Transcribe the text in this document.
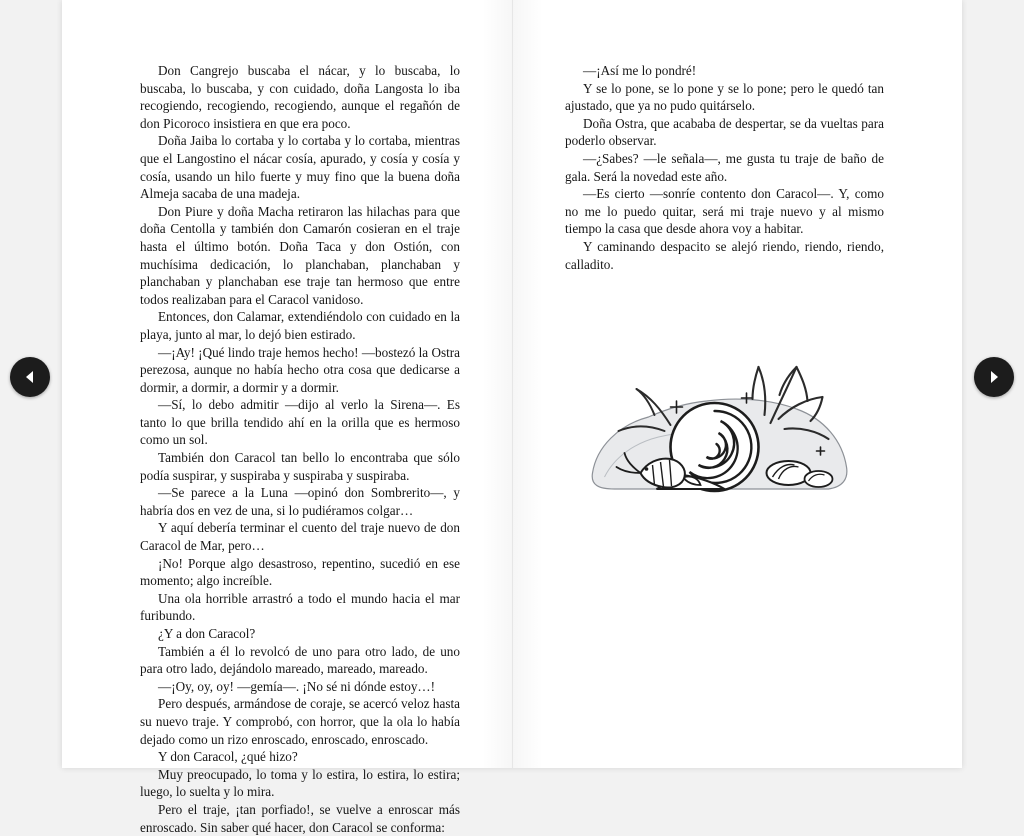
Don Cangrejo buscaba el nácar, y lo buscaba, lo buscaba, lo buscaba, y con cuidado, doña Langosta lo iba recogiendo, recogiendo, recogiendo, aunque el regañón de don Picoroco insistiera en que era poco.

Doña Jaiba lo cortaba y lo cortaba y lo cortaba, mientras que el Langostino el nácar cosía, apurado, y cosía y cosía y cosía, usando un hilo fuerte y muy fino que la buena doña Almeja sacaba de una madeja.

Don Piure y doña Macha retiraron las hilachas para que doña Centolla y también don Camarón cosieran en el traje hasta el último botón. Doña Taca y don Ostión, con muchísima dedicación, lo planchaban, planchaban y planchaban y planchaban ese traje tan hermoso que entre todos realizaban para el Caracol vanidoso.

Entonces, don Calamar, extendiéndolo con cuidado en la playa, junto al mar, lo dejó bien estirado.

—¡Ay! ¡Qué lindo traje hemos hecho! —bostezó la Ostra perezosa, aunque no había hecho otra cosa que dedicarse a dormir, a dormir, a dormir y a dormir.

—Sí, lo debo admitir —dijo al verlo la Sirena—. Es tanto lo que brilla tendido ahí en la orilla que es hermoso como un sol.

También don Caracol tan bello lo encontraba que sólo podía suspirar, y suspiraba y suspiraba y suspiraba.

—Se parece a la Luna —opinó don Sombrerito—, y habría dos en vez de una, si lo pudiéramos colgar…

Y aquí debería terminar el cuento del traje nuevo de don Caracol de Mar, pero…

¡No! Porque algo desastroso, repentino, sucedió en ese momento; algo increíble.

Una ola horrible arrastró a todo el mundo hacia el mar furibundo.

¿Y a don Caracol?

También a él lo revolcó de uno para otro lado, de uno para otro lado, dejándolo mareado, mareado, mareado.

—¡Oy, oy, oy! —gemía—. ¡No sé ni dónde estoy…!

Pero después, armándose de coraje, se acercó veloz hasta su nuevo traje. Y comprobó, con horror, que la ola lo había dejado como un rizo enroscado, enroscado, enroscado.

Y don Caracol, ¿qué hizo?

Muy preocupado, lo toma y lo estira, lo estira, lo estira; luego, lo suelta y lo mira.

Pero el traje, ¡tan porfiado!, se vuelve a enroscar más enroscado. Sin saber qué hacer, don Caracol se conforma:

—¡Así me lo pondré!

Y se lo pone, se lo pone y se lo pone; pero le quedó tan ajustado, que ya no pudo quitárselo.

Doña Ostra, que acababa de despertar, se da vueltas para poderlo observar.

—¿Sabes? —le señala—, me gusta tu traje de baño de gala. Será la novedad este año.

—Es cierto —sonríe contento don Caracol—. Y, como no me lo puedo quitar, será mi traje nuevo y al mismo tiempo la casa que desde ahora voy a habitar.

Y caminando despacito se alejó riendo, riendo, riendo, calladito.
